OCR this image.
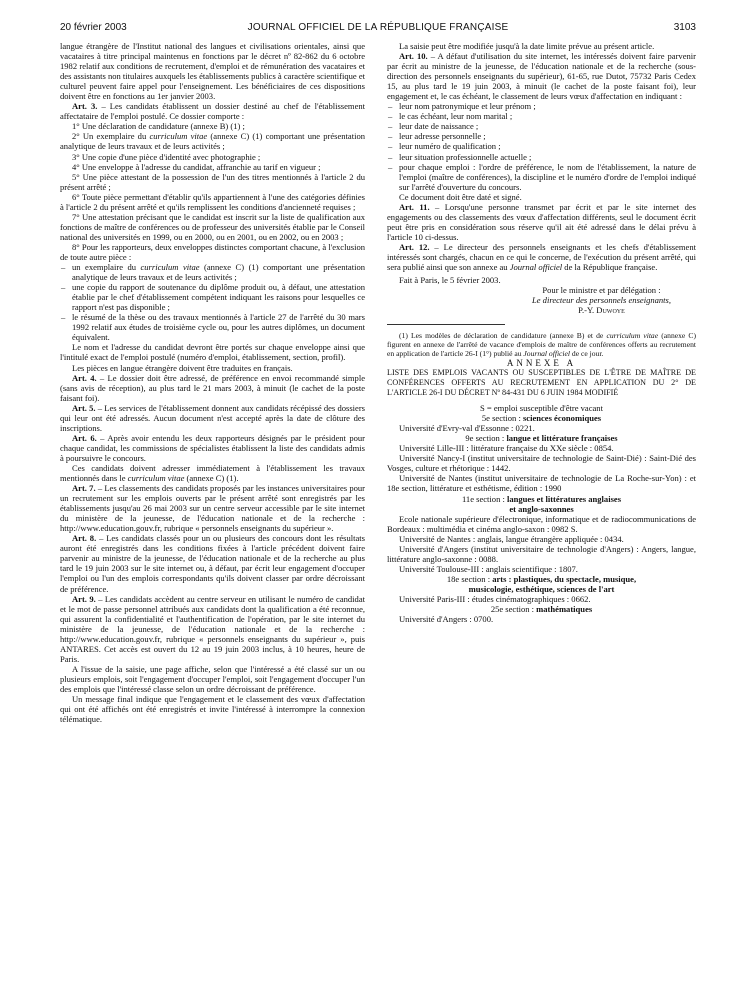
20 février 2003	JOURNAL OFFICIEL DE LA RÉPUBLIQUE FRANÇAISE	3103

langue étrangère de l'Institut national des langues et civilisations orientales, ainsi que vacataires à titre principal maintenus en fonctions par le décret nº 82-862 du 6 octobre 1982 relatif aux conditions de recrutement, d'emploi et de rémunération des vacataires et des assistants non titulaires auxquels les établissements publics à caractère scientifique et culturel peuvent faire appel pour l'enseignement. Les bénéficiaires de ces dispositions doivent être en fonctions au 1er janvier 2003.

Art. 3. – Les candidats établissent un dossier destiné au chef de l'établissement affectataire de l'emploi postulé. Ce dossier comporte :

1° Une déclaration de candidature (annexe B) (1) ;

2° Un exemplaire du curriculum vitae (annexe C) (1) comportant une présentation analytique de leurs travaux et de leurs activités ;

3° Une copie d'une pièce d'identité avec photographie ;

4° Une enveloppe à l'adresse du candidat, affranchie au tarif en vigueur ;

5° Une pièce attestant de la possession de l'un des titres mentionnés à l'article 2 du présent arrêté ;

6° Toute pièce permettant d'établir qu'ils appartiennent à l'une des catégories définies à l'article 2 du présent arrêté et qu'ils remplissent les conditions d'ancienneté requises ;

7° Une attestation précisant que le candidat est inscrit sur la liste de qualification aux fonctions de maître de conférences ou de professeur des universités établie par le Conseil national des universités en 1999, ou en 2000, ou en 2001, ou en 2002, ou en 2003 ;

8° Pour les rapporteurs, deux enveloppes distinctes comportant chacune, à l'exclusion de toute autre pièce :

– un exemplaire du curriculum vitae (annexe C) (1) comportant une présentation analytique de leurs travaux et de leurs activités ;
– une copie du rapport de soutenance du diplôme produit ou, à défaut, une attestation établie par le chef d'établissement compétent indiquant les raisons pour lesquelles ce rapport n'est pas disponible ;
– le résumé de la thèse ou des travaux mentionnés à l'article 27 de l'arrêté du 30 mars 1992 relatif aux études de troisième cycle ou, pour les autres diplômes, un document équivalent.

Le nom et l'adresse du candidat devront être portés sur chaque enveloppe ainsi que l'intitulé exact de l'emploi postulé (numéro d'emploi, établissement, section, profil).

Les pièces en langue étrangère doivent être traduites en français.

Art. 4. – Le dossier doit être adressé, de préférence en envoi recommandé simple (sans avis de réception), au plus tard le 21 mars 2003, à minuit (le cachet de la poste faisant foi).

Art. 5. – Les services de l'établissement donnent aux candidats récépissé des dossiers qui leur ont été adressés. Aucun document n'est accepté après la date de clôture des inscriptions.

Art. 6. – Après avoir entendu les deux rapporteurs désignés par le président pour chaque candidat, les commissions de spécialistes établissent la liste des candidats admis à poursuivre le concours.

Ces candidats doivent adresser immédiatement à l'établissement les travaux mentionnés dans le curriculum vitae (annexe C) (1).

Art. 7. – Les classements des candidats proposés par les instances universitaires pour un recrutement sur les emplois ouverts par le présent arrêté sont enregistrés par les établissements jusqu'au 26 mai 2003 sur un centre serveur accessible par le site internet du ministère de la jeunesse, de l'éducation nationale et de la recherche : http://www.education.gouv.fr, rubrique « personnels enseignants du supérieur ».

Art. 8. – Les candidats classés pour un ou plusieurs des concours dont les résultats auront été enregistrés dans les conditions fixées à l'article précédent doivent faire parvenir au ministre de la jeunesse, de l'éducation nationale et de la recherche au plus tard le 19 juin 2003 sur le site internet ou, à défaut, par écrit leur engagement d'occuper l'emploi ou l'un des emplois correspondants qu'ils doivent classer par ordre décroissant de préférence.

Art. 9. – Les candidats accèdent au centre serveur en utilisant le numéro de candidat et le mot de passe personnel attribués aux candidats dont la qualification a été reconnue, qui assurent la confidentialité et l'authentification de l'opération, par le site internet du ministère de la jeunesse, de l'éducation nationale et de la recherche : http://www.education.gouv.fr, rubrique « personnels enseignants du supérieur », puis ANTARES. Cet accès est ouvert du 12 au 19 juin 2003 inclus, à 10 heures, heure de Paris.

A l'issue de la saisie, une page affiche, selon que l'intéressé a été classé sur un ou plusieurs emplois, soit l'engagement d'occuper l'emploi, soit l'engagement d'occuper l'un des emplois que l'intéressé classe selon un ordre décroissant de préférence.

Un message final indique que l'engagement et le classement des vœux d'affectation qui ont été affichés ont été enregistrés et invite l'intéressé à interrompre la connexion télématique.

La saisie peut être modifiée jusqu'à la date limite prévue au présent article.

Art. 10. – A défaut d'utilisation du site internet, les intéressés doivent faire parvenir par écrit au ministre de la jeunesse, de l'éducation nationale et de la recherche (sous-direction des personnels enseignants du supérieur), 61-65, rue Dutot, 75732 Paris Cedex 15, au plus tard le 19 juin 2003, à minuit (le cachet de la poste faisant foi), leur engagement et, le cas échéant, le classement de leurs vœux d'affectation en indiquant :

– leur nom patronymique et leur prénom ;
– le cas échéant, leur nom marital ;
– leur date de naissance ;
– leur adresse personnelle ;
– leur numéro de qualification ;
– leur situation professionnelle actuelle ;
– pour chaque emploi : l'ordre de préférence, le nom de l'établissement, la nature de l'emploi (maître de conférences), la discipline et le numéro d'ordre de l'emploi indiqué sur l'arrêté d'ouverture du concours.

Ce document doit être daté et signé.

Art. 11. – Lorsqu'une personne transmet par écrit et par le site internet des engagements ou des classements des vœux d'affectation différents, seul le document écrit peut être pris en considération sous réserve qu'il ait été adressé dans le délai prévu à l'article 10 ci-dessus.

Art. 12. – Le directeur des personnels enseignants et les chefs d'établissement intéressés sont chargés, chacun en ce qui le concerne, de l'exécution du présent arrêté, qui sera publié ainsi que son annexe au Journal officiel de la République française.

Fait à Paris, le 5 février 2003.

Pour le ministre et par délégation :

Le directeur des personnels enseignants,

P.-Y. Duwoye

(1) Les modèles de déclaration de candidature (annexe B) et de curriculum vitae (annexe C) figurent en annexe de l'arrêté de vacance d'emplois de maître de conférences offerts au recrutement en application de l'article 26-I (1°) publié au Journal officiel de ce jour.

ANNEXE A

LISTE DES EMPLOIS VACANTS OU SUSCEPTIBLES DE L'ÊTRE DE MAÎTRE DE CONFÉRENCES OFFERTS AU RECRUTEMENT EN APPLICATION DU 2° DE L'ARTICLE 26-I DU DÉCRET Nº 84-431 DU 6 JUIN 1984 MODIFIÉ

S = emploi susceptible d'être vacant

5e section : sciences économiques

Université d'Evry-val d'Essonne : 0221.

9e section : langue et littérature françaises

Université Lille-III : littérature française du XXe siècle : 0854.

Université Nancy-I (institut universitaire de technologie de Saint-Dié) : Saint-Dié des Vosges, culture et rhétorique : 1442.

Université de Nantes (institut universitaire de technologie de La Roche-sur-Yon) : et 18e section, littérature et esthétisme, édition : 1990

11e section : langues et littératures anglaises
et anglo-saxonnes

Ecole nationale supérieure d'électronique, informatique et de radiocommunications de Bordeaux : multimédia et cinéma anglo-saxon : 0982 S.

Université de Nantes : anglais, langue étrangère appliquée : 0434.

Université d'Angers (institut universitaire de technologie d'Angers) : Angers, langue, littérature anglo-saxonne : 0088.

Université Toulouse-III : anglais scientifique : 1807.

18e section : arts : plastiques, du spectacle, musique,
musicologie, esthétique, sciences de l'art

Université Paris-III : études cinématographiques : 0662.

25e section : mathématiques

Université d'Angers : 0700.
